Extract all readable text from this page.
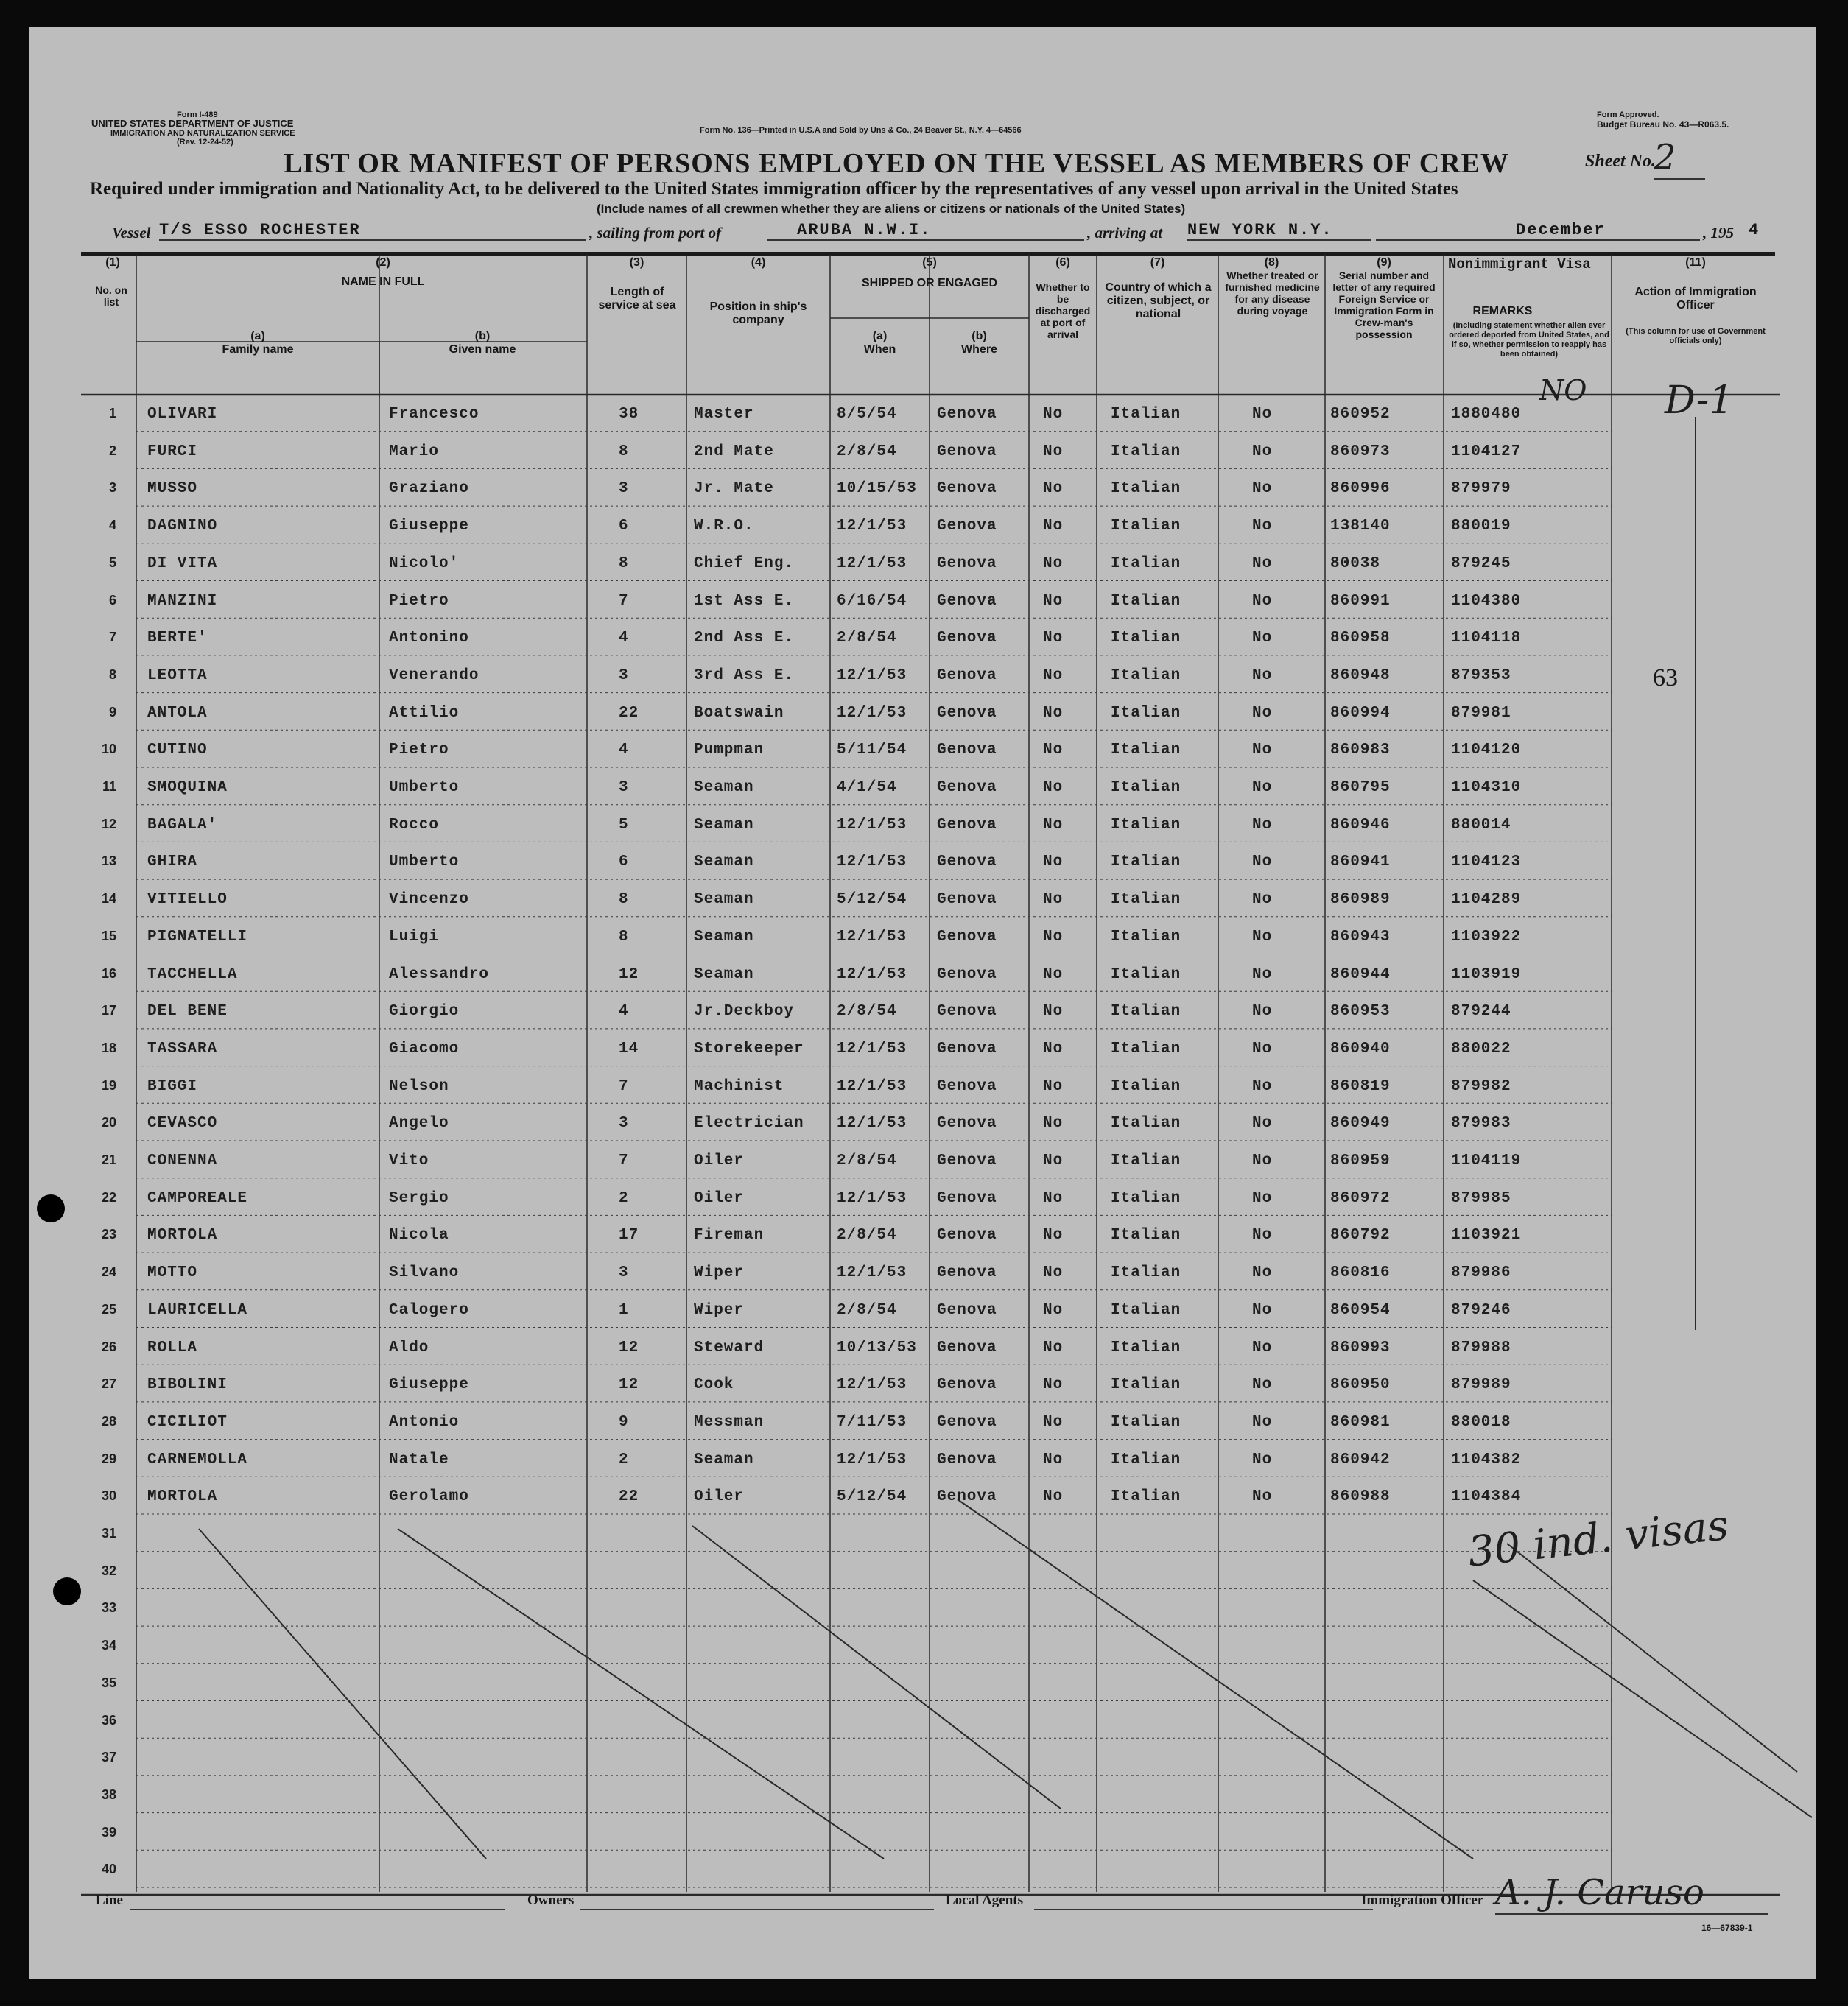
Form I-489
UNITED STATES DEPARTMENT OF JUSTICE
IMMIGRATION AND NATURALIZATION SERVICE
(Rev. 12-24-52)
Form No. 136—Printed in U.S.A and Sold by Uns & Co., 24 Beaver St., N.Y. 4—64566
Form Approved.
Budget Bureau No. 43—R063.5.
LIST OR MANIFEST OF PERSONS EMPLOYED ON THE VESSEL AS MEMBERS OF CREW	Sheet No.
2
Required under immigration and Nationality Act, to be delivered to the United States immigration officer by the representatives of any vessel upon arrival in the United States
(Include names of all crewmen whether they are aliens or citizens or nationals of the United States)
Vessel T/S ESSO ROCHESTER	, sailing from port of	ARUBA N.W.I.	, arriving at NEW YORK N.Y.	December	, 195 4
(1)
No. on list
(2)
NAME IN FULL
(a)
Family name
(b)
Given name
(3)
Length of service at sea
(4)
Position in ship's company
(5)
SHIPPED OR ENGAGED
(a)
When
(b)
Where
(6)
Whether to be discharged at port of arrival
(7)
Country of which a citizen, subject, or national
(8)
Whether treated or furnished medicine for any disease during voyage
(9)
Serial number and letter of any required Foreign Service or Immigration Form in Crew-man's possession
Nonimmigrant Visa
REMARKS
(Including statement whether alien ever ordered deported from United States, and if so, whether permission to reapply has been obtained)
(11)
Action of Immigration Officer
(This column for use of Government officials only)
1 OLIVARI	Francesco	38	Master	8/5/54	Genova	No	Italian	No	860952	1880480
2 FURCI	Mario	8	2nd Mate	2/8/54	Genova	No	Italian	No	860973	1104127
3 MUSSO	Graziano	3	Jr. Mate	10/15/53 Genova	No	Italian	No	860996	879979
4 DAGNINO	Giuseppe	6	W.R.O.	12/1/53 Genova	No	Italian	No	138140	880019
5 DI VITA	Nicolo'	8	Chief Eng.	12/1/53 Genova	No	Italian	No	80038	879245
6 MANZINI	Pietro	7	1st Ass E.	6/16/54 Genova	No	Italian	No	860991	1104380
7 BERTE'	Antonino	4	2nd Ass E.	2/8/54	Genova	No	Italian	No	860958	1104118
8 LEOTTA	Venerando	3	3rd Ass E.	12/1/53 Genova	No	Italian	No	860948	879353
9 ANTOLA	Attilio	22	Boatswain	12/1/53 Genova	No	Italian	No	860994	879981
10 CUTINO	Pietro	4	Pumpman	5/11/54 Genova	No	Italian	No	860983	1104120
11 SMOQUINA	Umberto	3	Seaman	4/1/54	Genova	No	Italian	No	860795	1104310
12 BAGALA'	Rocco	5	Seaman	12/1/53 Genova	No	Italian	No	860946	880014
13 GHIRA	Umberto	6	Seaman	12/1/53 Genova	No	Italian	No	860941	1104123
14 VITIELLO	Vincenzo	8	Seaman	5/12/54 Genova	No	Italian	No	860989	1104289
15 PIGNATELLI	Luigi	8	Seaman	12/1/53 Genova	No	Italian	No	860943	1103922
16 TACCHELLA	Alessandro	12	Seaman	12/1/53 Genova	No	Italian	No	860944	1103919
17 DEL BENE	Giorgio	4	Jr.Deckboy	2/8/54	Genova	No	Italian	No	860953	879244
18 TASSARA	Giacomo	14	Storekeeper 12/1/53 Genova	No	Italian	No	860940	880022
19 BIGGI	Nelson	7	Machinist	12/1/53 Genova	No	Italian	No	860819	879982
20 CEVASCO	Angelo	3	Electrician 12/1/53 Genova	No	Italian	No	860949	879983
21 CONENNA	Vito	7	Oiler	2/8/54	Genova	No	Italian	No	860959	1104119
22 CAMPOREALE	Sergio	2	Oiler	12/1/53 Genova	No	Italian	No	860972	879985
23 MORTOLA	Nicola	17	Fireman	2/8/54	Genova	No	Italian	No	860792	1103921
24 MOTTO	Silvano	3	Wiper	12/1/53 Genova	No	Italian	No	860816	879986
25 LAURICELLA	Calogero	1	Wiper	2/8/54	Genova	No	Italian	No	860954	879246
26 ROLLA	Aldo	12	Steward	10/13/53 Genova	No	Italian	No	860993	879988
27 BIBOLINI	Giuseppe	12	Cook	12/1/53 Genova	No	Italian	No	860950	879989
28 CICILIOT	Antonio	9	Messman	7/11/53 Genova	No	Italian	No	860981	880018
29 CARNEMOLLA	Natale	2	Seaman	12/1/53 Genova	No	Italian	No	860942	1104382
30 MORTOLA	Gerolamo	22	Oiler	5/12/54 Genova	No	Italian	No	860988	1104384
31
32
33
34
35
36
37
38
39
40
NO D-1
63
30 ind. visas
Line	Owners	Local Agents	Immigration Officer A. J. Caruso
16—67839-1
